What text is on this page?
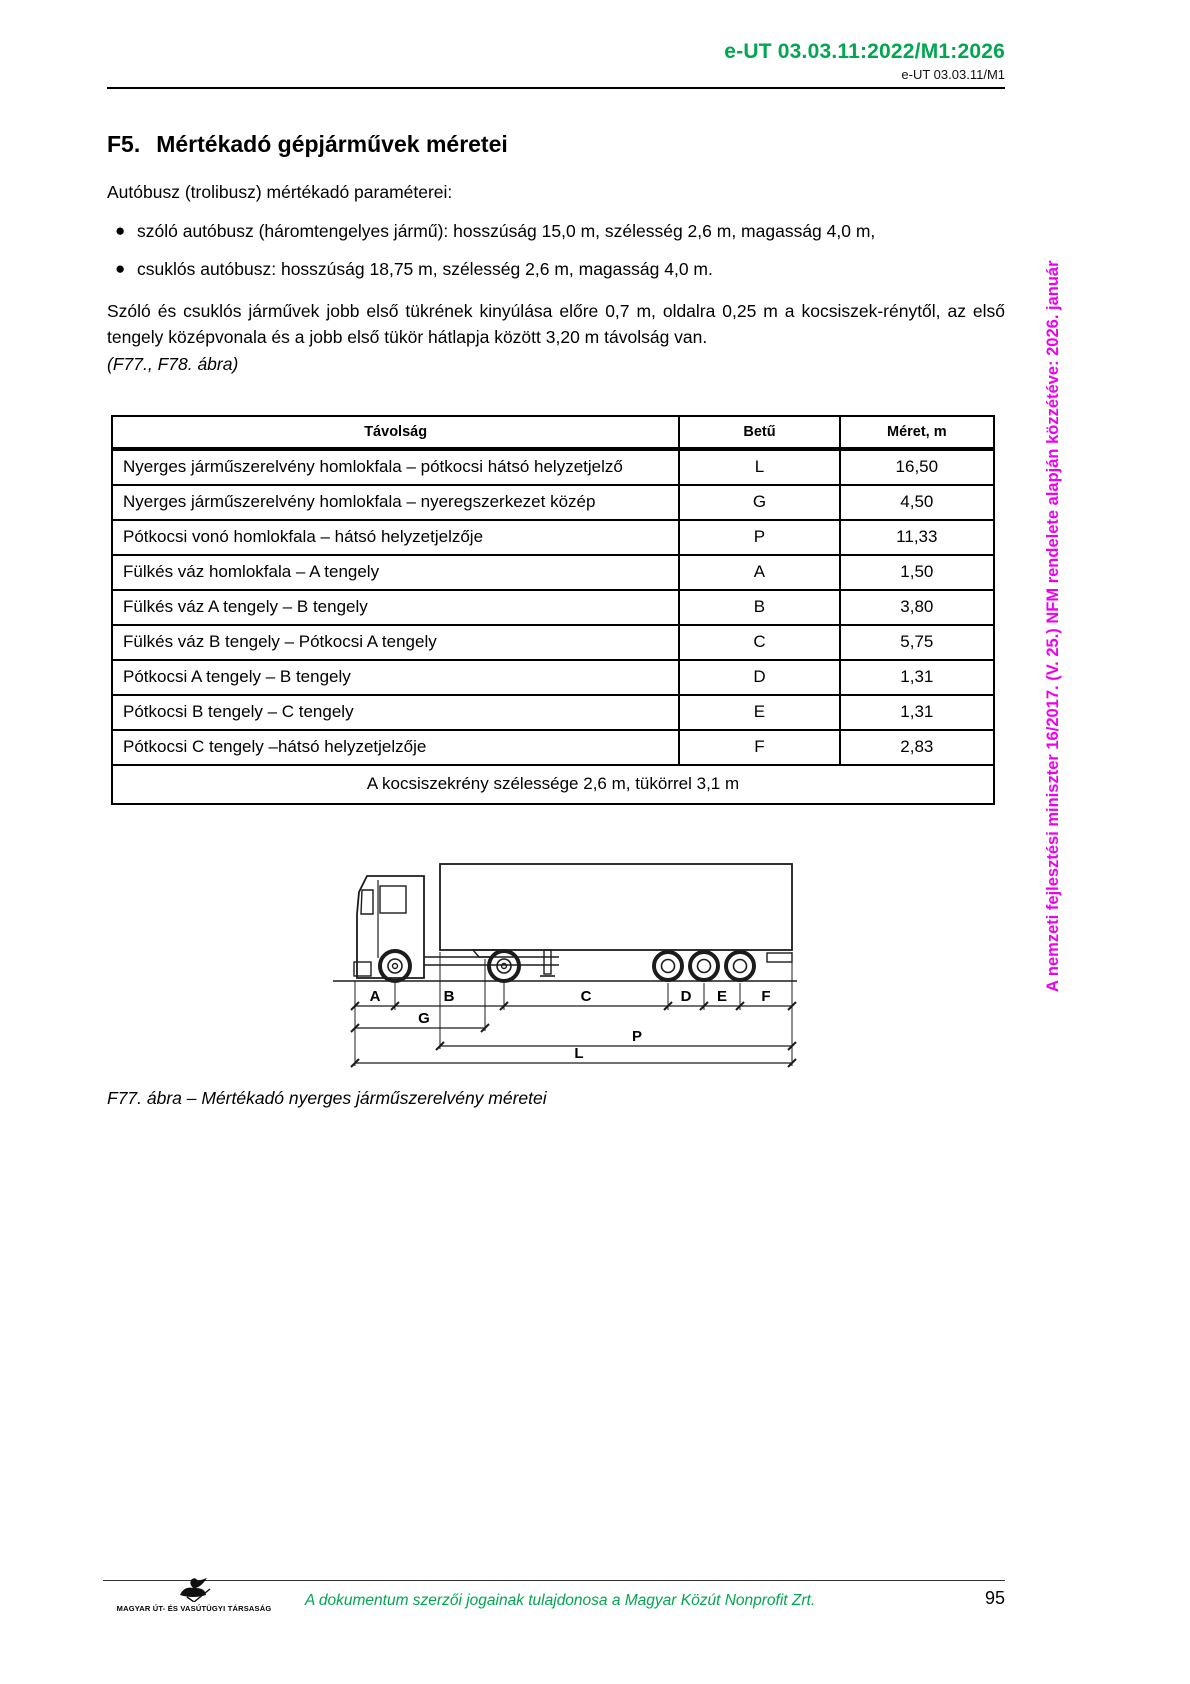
e-UT 03.03.11:2022/M1:2026
e-UT 03.03.11/M1
F5. Mértékadó gépjárművek méretei
Autóbusz (trolibusz) mértékadó paraméterei:
● szóló autóbusz (háromtengelyes jármű): hosszúság 15,0 m, szélesség 2,6 m, magasság 4,0 m,
● csuklós autóbusz: hosszúság 18,75 m, szélesség 2,6 m, magasság 4,0 m.
Szóló és csuklós járművek jobb első tükrének kinyúlása előre 0,7 m, oldalra 0,25 m a kocsiszek-rénytől, az első tengely középvonala és a jobb első tükör hátlapja között 3,20 m távolság van.
(F77., F78. ábra)
Távolság	Betű	Méret, m
Nyerges járműszerelvény homlokfala – pótkocsi hátsó helyzetjelző	L	16,50
Nyerges járműszerelvény homlokfala – nyeregszerkezet közép	G	4,50
Pótkocsi vonó homlokfala – hátsó helyzetjelzője	P	11,33
Fülkés váz homlokfala – A tengely	A	1,50
Fülkés váz A tengely – B tengely	B	3,80
Fülkés váz B tengely – Pótkocsi A tengely	C	5,75
Pótkocsi A tengely – B tengely	D	1,31
Pótkocsi B tengely – C tengely	E	1,31
Pótkocsi C tengely –hátsó helyzetjelzője	F	2,83
A kocsiszekrény szélessége 2,6 m, tükörrel 3,1 m		
A	B	C	D E F
G
P
L
F77. ábra – Mértékadó nyerges járműszerelvény méretei
A nemzeti fejlesztési miniszter 16/2017. (V. 25.) NFM rendelete alapján közzétéve: 2026. január
MAGYAR ÚT- ÉS VASÚTÜGYI TÁRSASÁG	A dokumentum szerzői jogainak tulajdonosa a Magyar Közút Nonprofit Zrt.	95
